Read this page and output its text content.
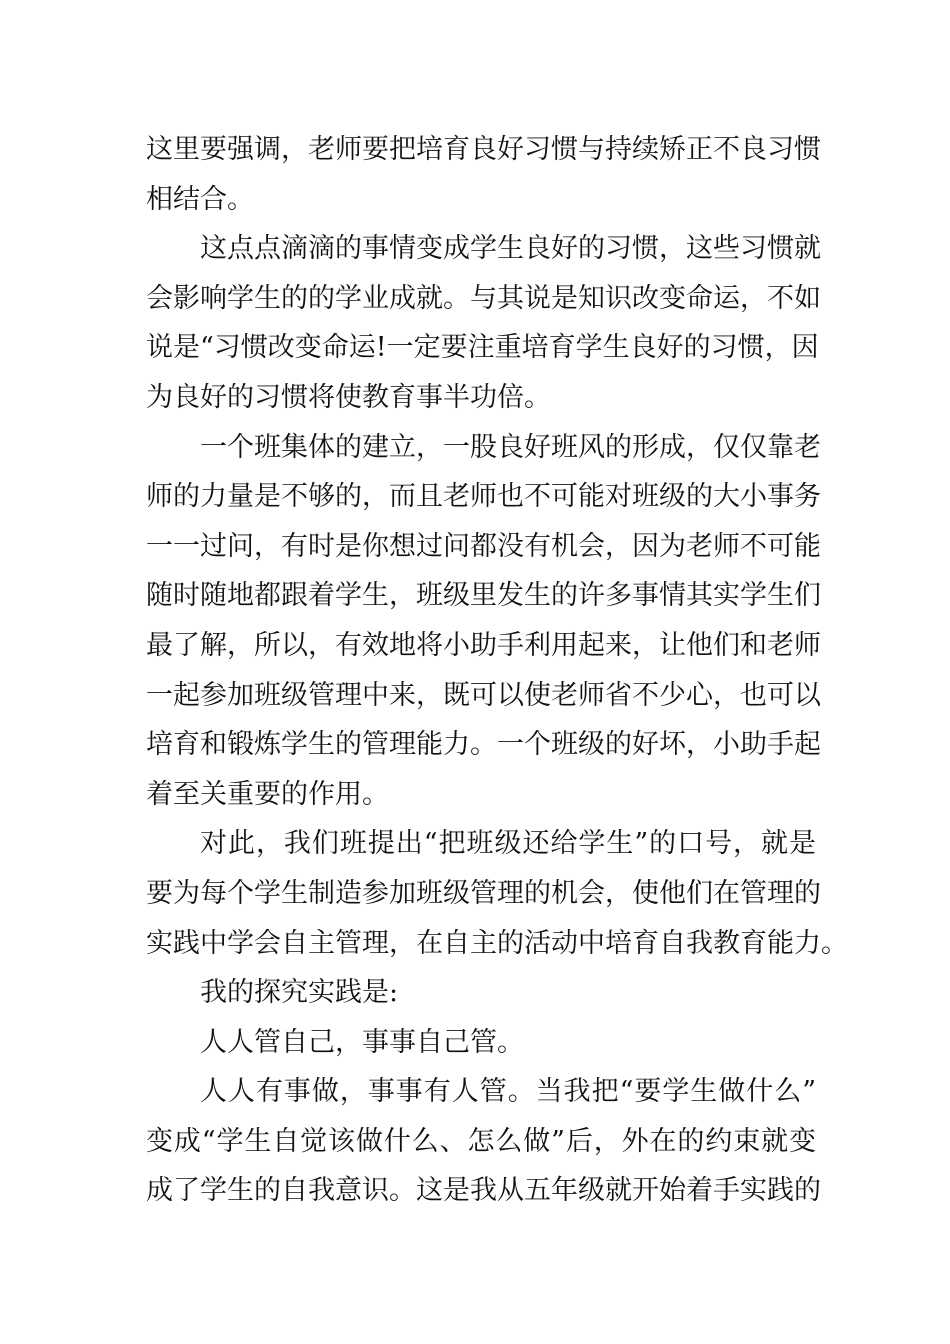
这里要强调，老师要把培育良好习惯与持续矫正不良习惯
相结合。
这点点滴滴的事情变成学生良好的习惯，这些习惯就
会影响学生的的学业成就。与其说是知识改变命运，不如
说是“习惯改变命运!一定要注重培育学生良好的习惯，因
为良好的习惯将使教育事半功倍。
一个班集体的建立，一股良好班风的形成，仅仅靠老
师的力量是不够的，而且老师也不可能对班级的大小事务
一一过问，有时是你想过问都没有机会，因为老师不可能
随时随地都跟着学生，班级里发生的许多事情其实学生们
最了解，所以，有效地将小助手利用起来，让他们和老师
一起参加班级管理中来，既可以使老师省不少心，也可以
培育和锻炼学生的管理能力。一个班级的好坏，小助手起
着至关重要的作用。
对此，我们班提出“把班级还给学生”的口号，就是
要为每个学生制造参加班级管理的机会，使他们在管理的
实践中学会自主管理，在自主的活动中培育自我教育能力。
我的探究实践是:
人人管自己，事事自己管。
人人有事做，事事有人管。当我把“要学生做什么”
变成“学生自觉该做什么、怎么做”后，外在的约束就变
成了学生的自我意识。这是我从五年级就开始着手实践的
